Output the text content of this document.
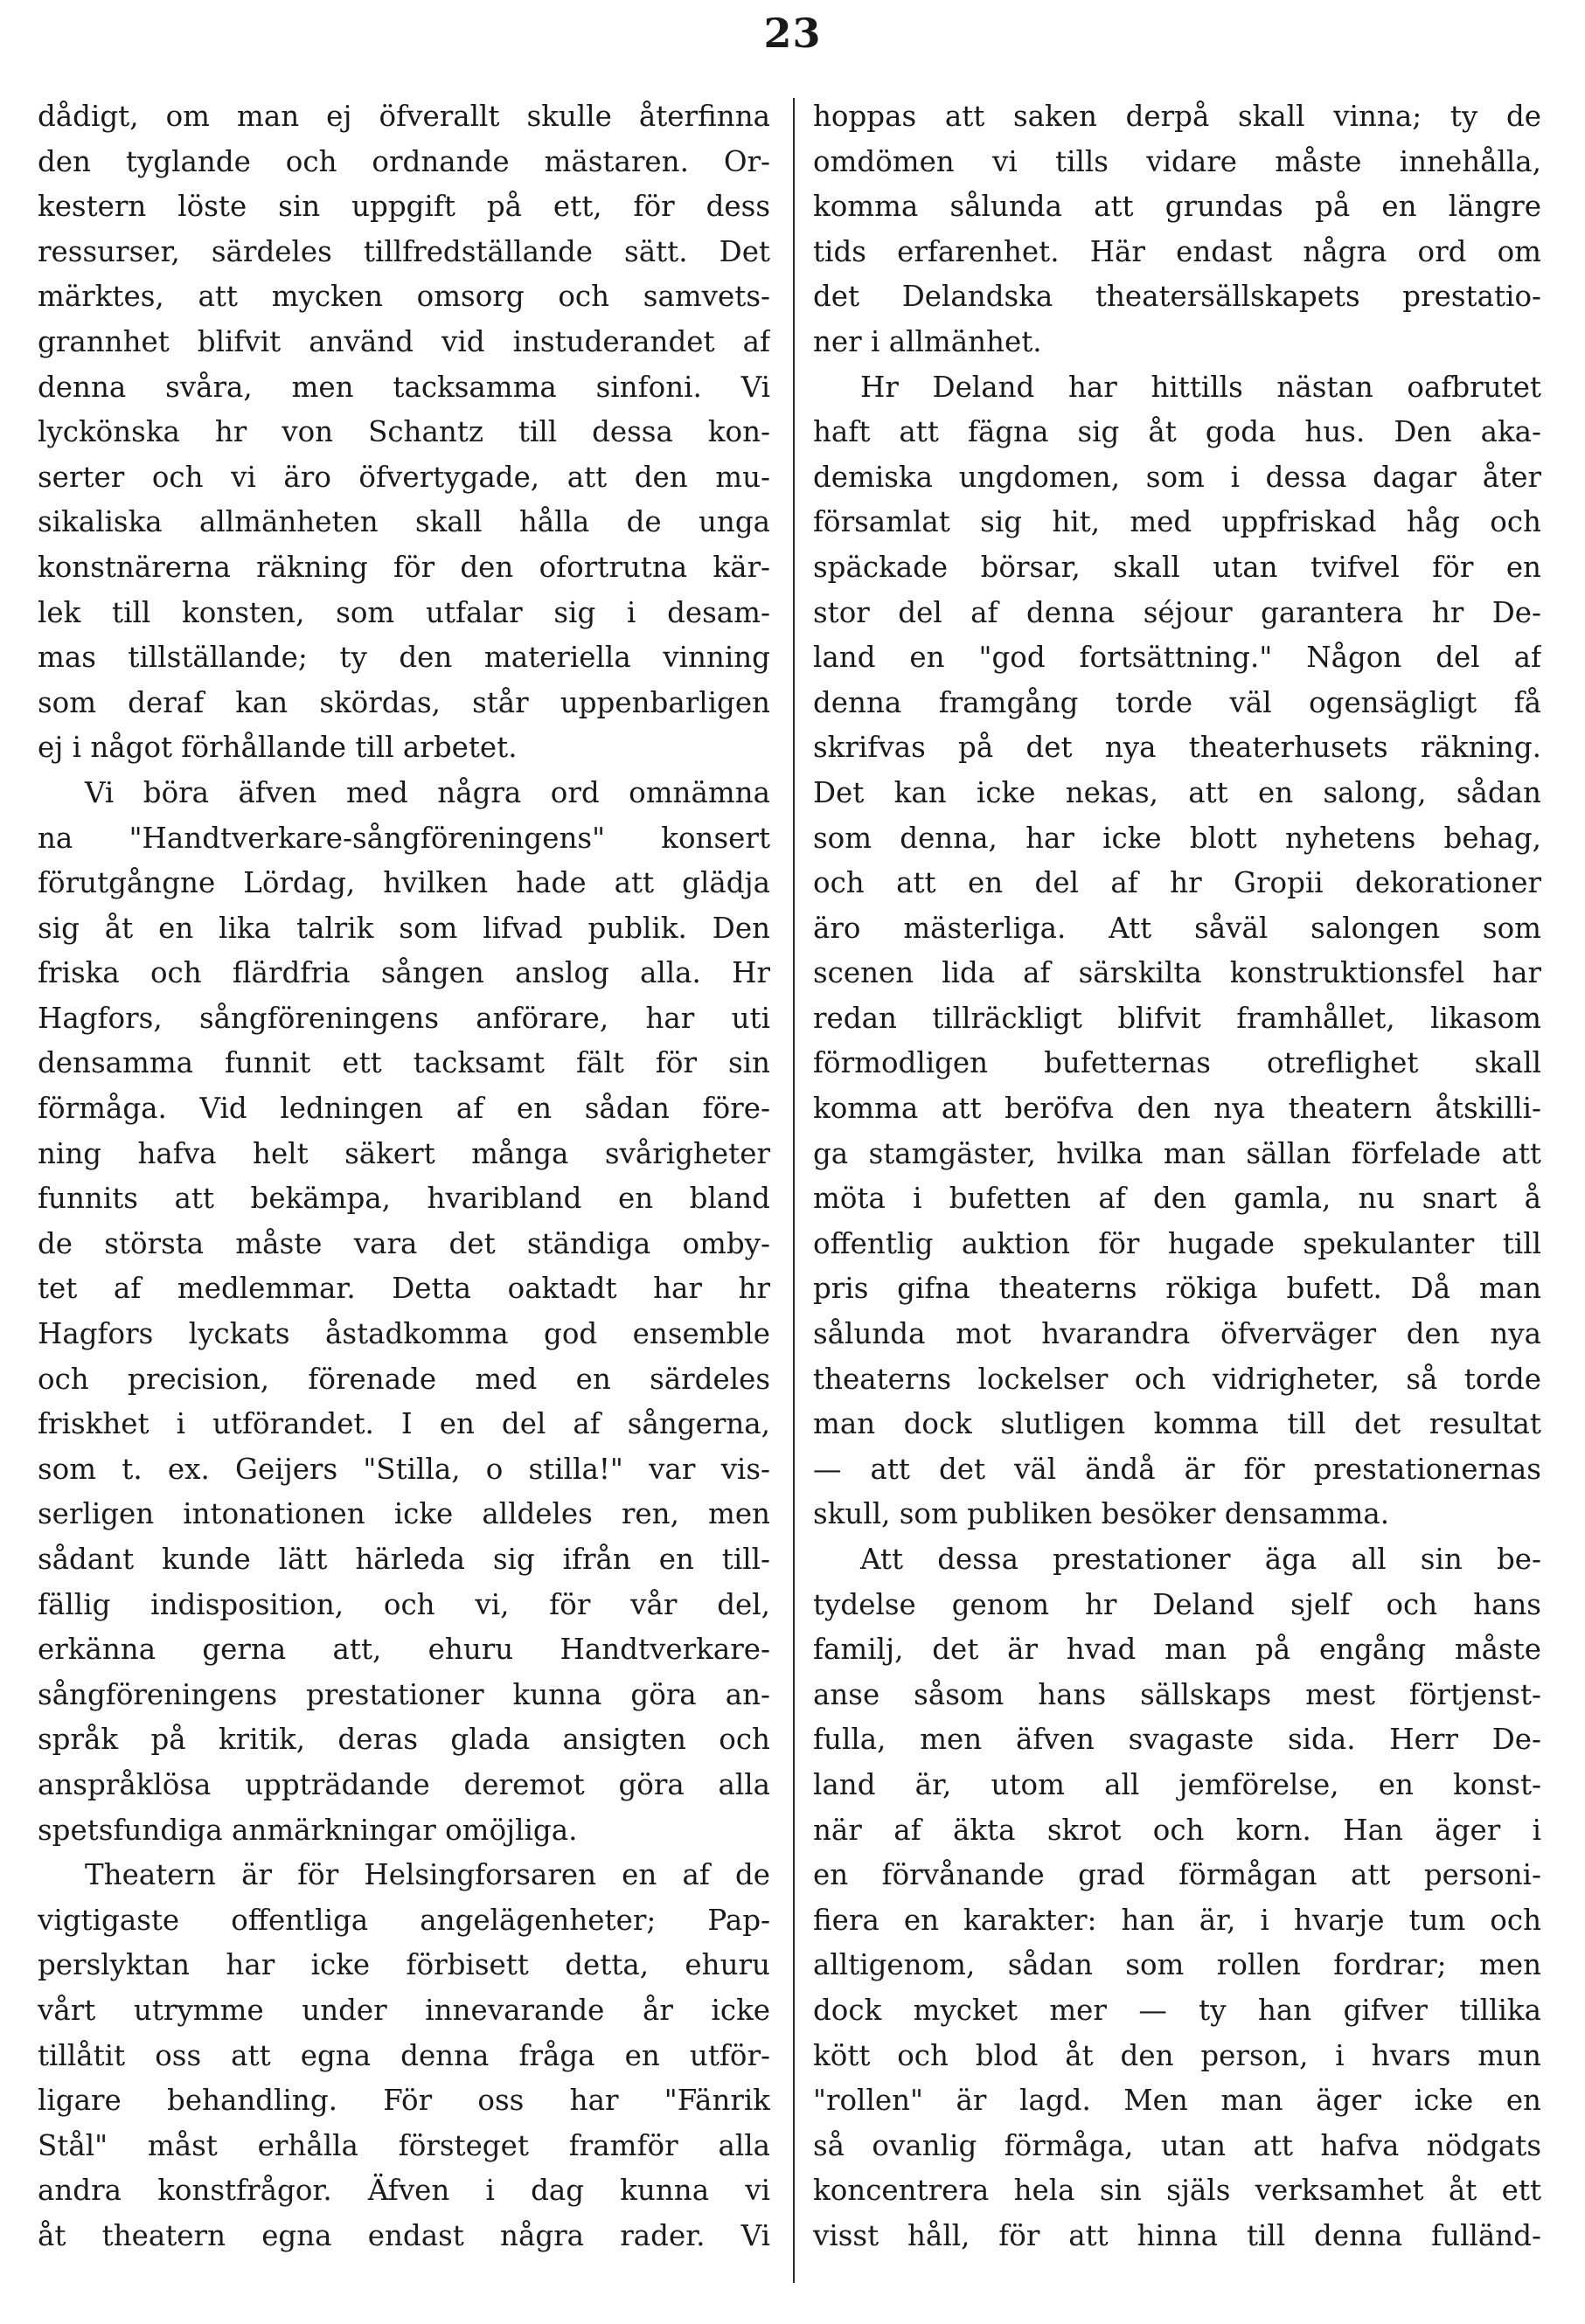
23
dådigt, om man ej öfverallt skulle återfinna
den tyglande och ordnande mästaren. Or-
kestern löste sin uppgift på ett, för dess
ressurser, särdeles tillfredställande sätt. Det
märktes, att mycken omsorg och samvets-
grannhet blifvit använd vid instuderandet af
denna svåra, men tacksamma sinfoni. Vi
lyckönska hr von Schantz till dessa kon-
serter och vi äro öfvertygade, att den mu-
sikaliska allmänheten skall hålla de unga
konstnärerna räkning för den ofortrutna kär-
lek till konsten, som utfalar sig i desam-
mas tillställande; ty den materiella vinning
som deraf kan skördas, står uppenbarligen
ej i något förhållande till arbetet.
Vi böra äfven med några ord omnämna
na "Handtverkare-sångföreningens" konsert
förutgångne Lördag, hvilken hade att glädja
sig åt en lika talrik som lifvad publik. Den
friska och flärdfria sången anslog alla. Hr
Hagfors, sångföreningens anförare, har uti
densamma funnit ett tacksamt fält för sin
förmåga. Vid ledningen af en sådan före-
ning hafva helt säkert många svårigheter
funnits att bekämpa, hvaribland en bland
de största måste vara det ständiga omby-
tet af medlemmar. Detta oaktadt har hr
Hagfors lyckats åstadkomma god ensemble
och precision, förenade med en särdeles
friskhet i utförandet. I en del af sångerna,
som t. ex. Geijers "Stilla, o stilla!" var vis-
serligen intonationen icke alldeles ren, men
sådant kunde lätt härleda sig ifrån en till-
fällig indisposition, och vi, för vår del,
erkänna gerna att, ehuru Handtverkare-
sångföreningens prestationer kunna göra an-
språk på kritik, deras glada ansigten och
anspråklösa uppträdande deremot göra alla
spetsfundiga anmärkningar omöjliga.
Theatern är för Helsingforsaren en af de
vigtigaste offentliga angelägenheter; Pap-
perslyktan har icke förbisett detta, ehuru
vårt utrymme under innevarande år icke
tillåtit oss att egna denna fråga en utför-
ligare behandling. För oss har "Fänrik
Stål" måst erhålla försteget framför alla
andra konstfrågor. Äfven i dag kunna vi
åt theatern egna endast några rader. Vi
hoppas att saken derpå skall vinna; ty de
omdömen vi tills vidare måste innehålla,
komma sålunda att grundas på en längre
tids erfarenhet. Här endast några ord om
det Delandska theatersällskapets prestatio-
ner i allmänhet.
Hr Deland har hittills nästan oafbrutet
haft att fägna sig åt goda hus. Den aka-
demiska ungdomen, som i dessa dagar åter
församlat sig hit, med uppfriskad håg och
späckade börsar, skall utan tvifvel för en
stor del af denna séjour garantera hr De-
land en "god fortsättning." Någon del af
denna framgång torde väl ogensägligt få
skrifvas på det nya theaterhusets räkning.
Det kan icke nekas, att en salong, sådan
som denna, har icke blott nyhetens behag,
och att en del af hr Gropii dekorationer
äro mästerliga. Att såväl salongen som
scenen lida af särskilta konstruktionsfel har
redan tillräckligt blifvit framhållet, likasom
förmodligen bufetternas otreflighet skall
komma att beröfva den nya theatern åtskilli-
ga stamgäster, hvilka man sällan förfelade att
möta i bufetten af den gamla, nu snart å
offentlig auktion för hugade spekulanter till
pris gifna theaterns rökiga bufett. Då man
sålunda mot hvarandra öfverväger den nya
theaterns lockelser och vidrigheter, så torde
man dock slutligen komma till det resultat
— att det väl ändå är för prestationernas
skull, som publiken besöker densamma.
Att dessa prestationer äga all sin be-
tydelse genom hr Deland sjelf och hans
familj, det är hvad man på engång måste
anse såsom hans sällskaps mest förtjenst-
fulla, men äfven svagaste sida. Herr De-
land är, utom all jemförelse, en konst-
när af äkta skrot och korn. Han äger i
en förvånande grad förmågan att personi-
fiera en karakter: han är, i hvarje tum och
alltigenom, sådan som rollen fordrar; men
dock mycket mer — ty han gifver tillika
kött och blod åt den person, i hvars mun
"rollen" är lagd. Men man äger icke en
så ovanlig förmåga, utan att hafva nödgats
koncentrera hela sin själs verksamhet åt ett
visst håll, för att hinna till denna fulländ-
